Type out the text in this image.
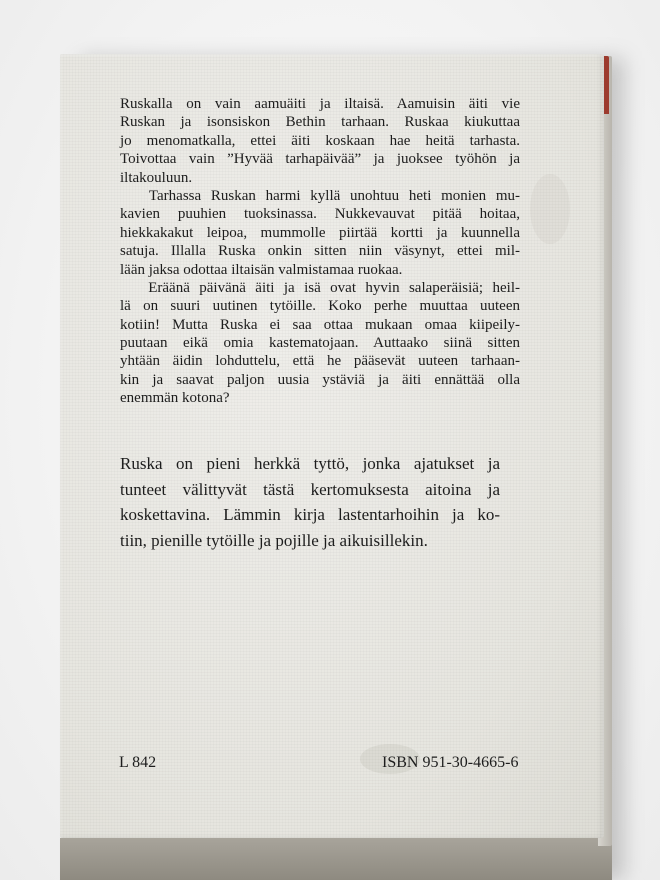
Ruskalla on vain aamuäiti ja iltaisä. Aamuisin äiti vie
Ruskan ja isonsiskon Bethin tarhaan. Ruskaa kiukuttaa
jo menomatkalla, ettei äiti koskaan hae heitä tarhasta.
Toivottaa vain ”Hyvää tarhapäivää” ja juoksee työhön ja
iltakouluun.
Tarhassa Ruskan harmi kyllä unohtuu heti monien mu-
kavien puuhien tuoksinassa. Nukkevauvat pitää hoitaa,
hiekkakakut leipoa, mummolle piirtää kortti ja kuunnella
satuja. Illalla Ruska onkin sitten niin väsynyt, ettei mil-
lään jaksa odottaa iltaisän valmistamaa ruokaa.
Eräänä päivänä äiti ja isä ovat hyvin salaperäisiä; heil-
lä on suuri uutinen tytöille. Koko perhe muuttaa uuteen
kotiin! Mutta Ruska ei saa ottaa mukaan omaa kiipeily-
puutaan eikä omia kastematojaan. Auttaako siinä sitten
yhtään äidin lohduttelu, että he pääsevät uuteen tarhaan-
kin ja saavat paljon uusia ystäviä ja äiti ennättää olla
enemmän kotona?
Ruska on pieni herkkä tyttö, jonka ajatukset ja
tunteet välittyvät tästä kertomuksesta aitoina ja
koskettavina. Lämmin kirja lastentarhoihin ja ko-
tiin, pienille tytöille ja pojille ja aikuisillekin.
L 842	ISBN 951-30-4665-6
